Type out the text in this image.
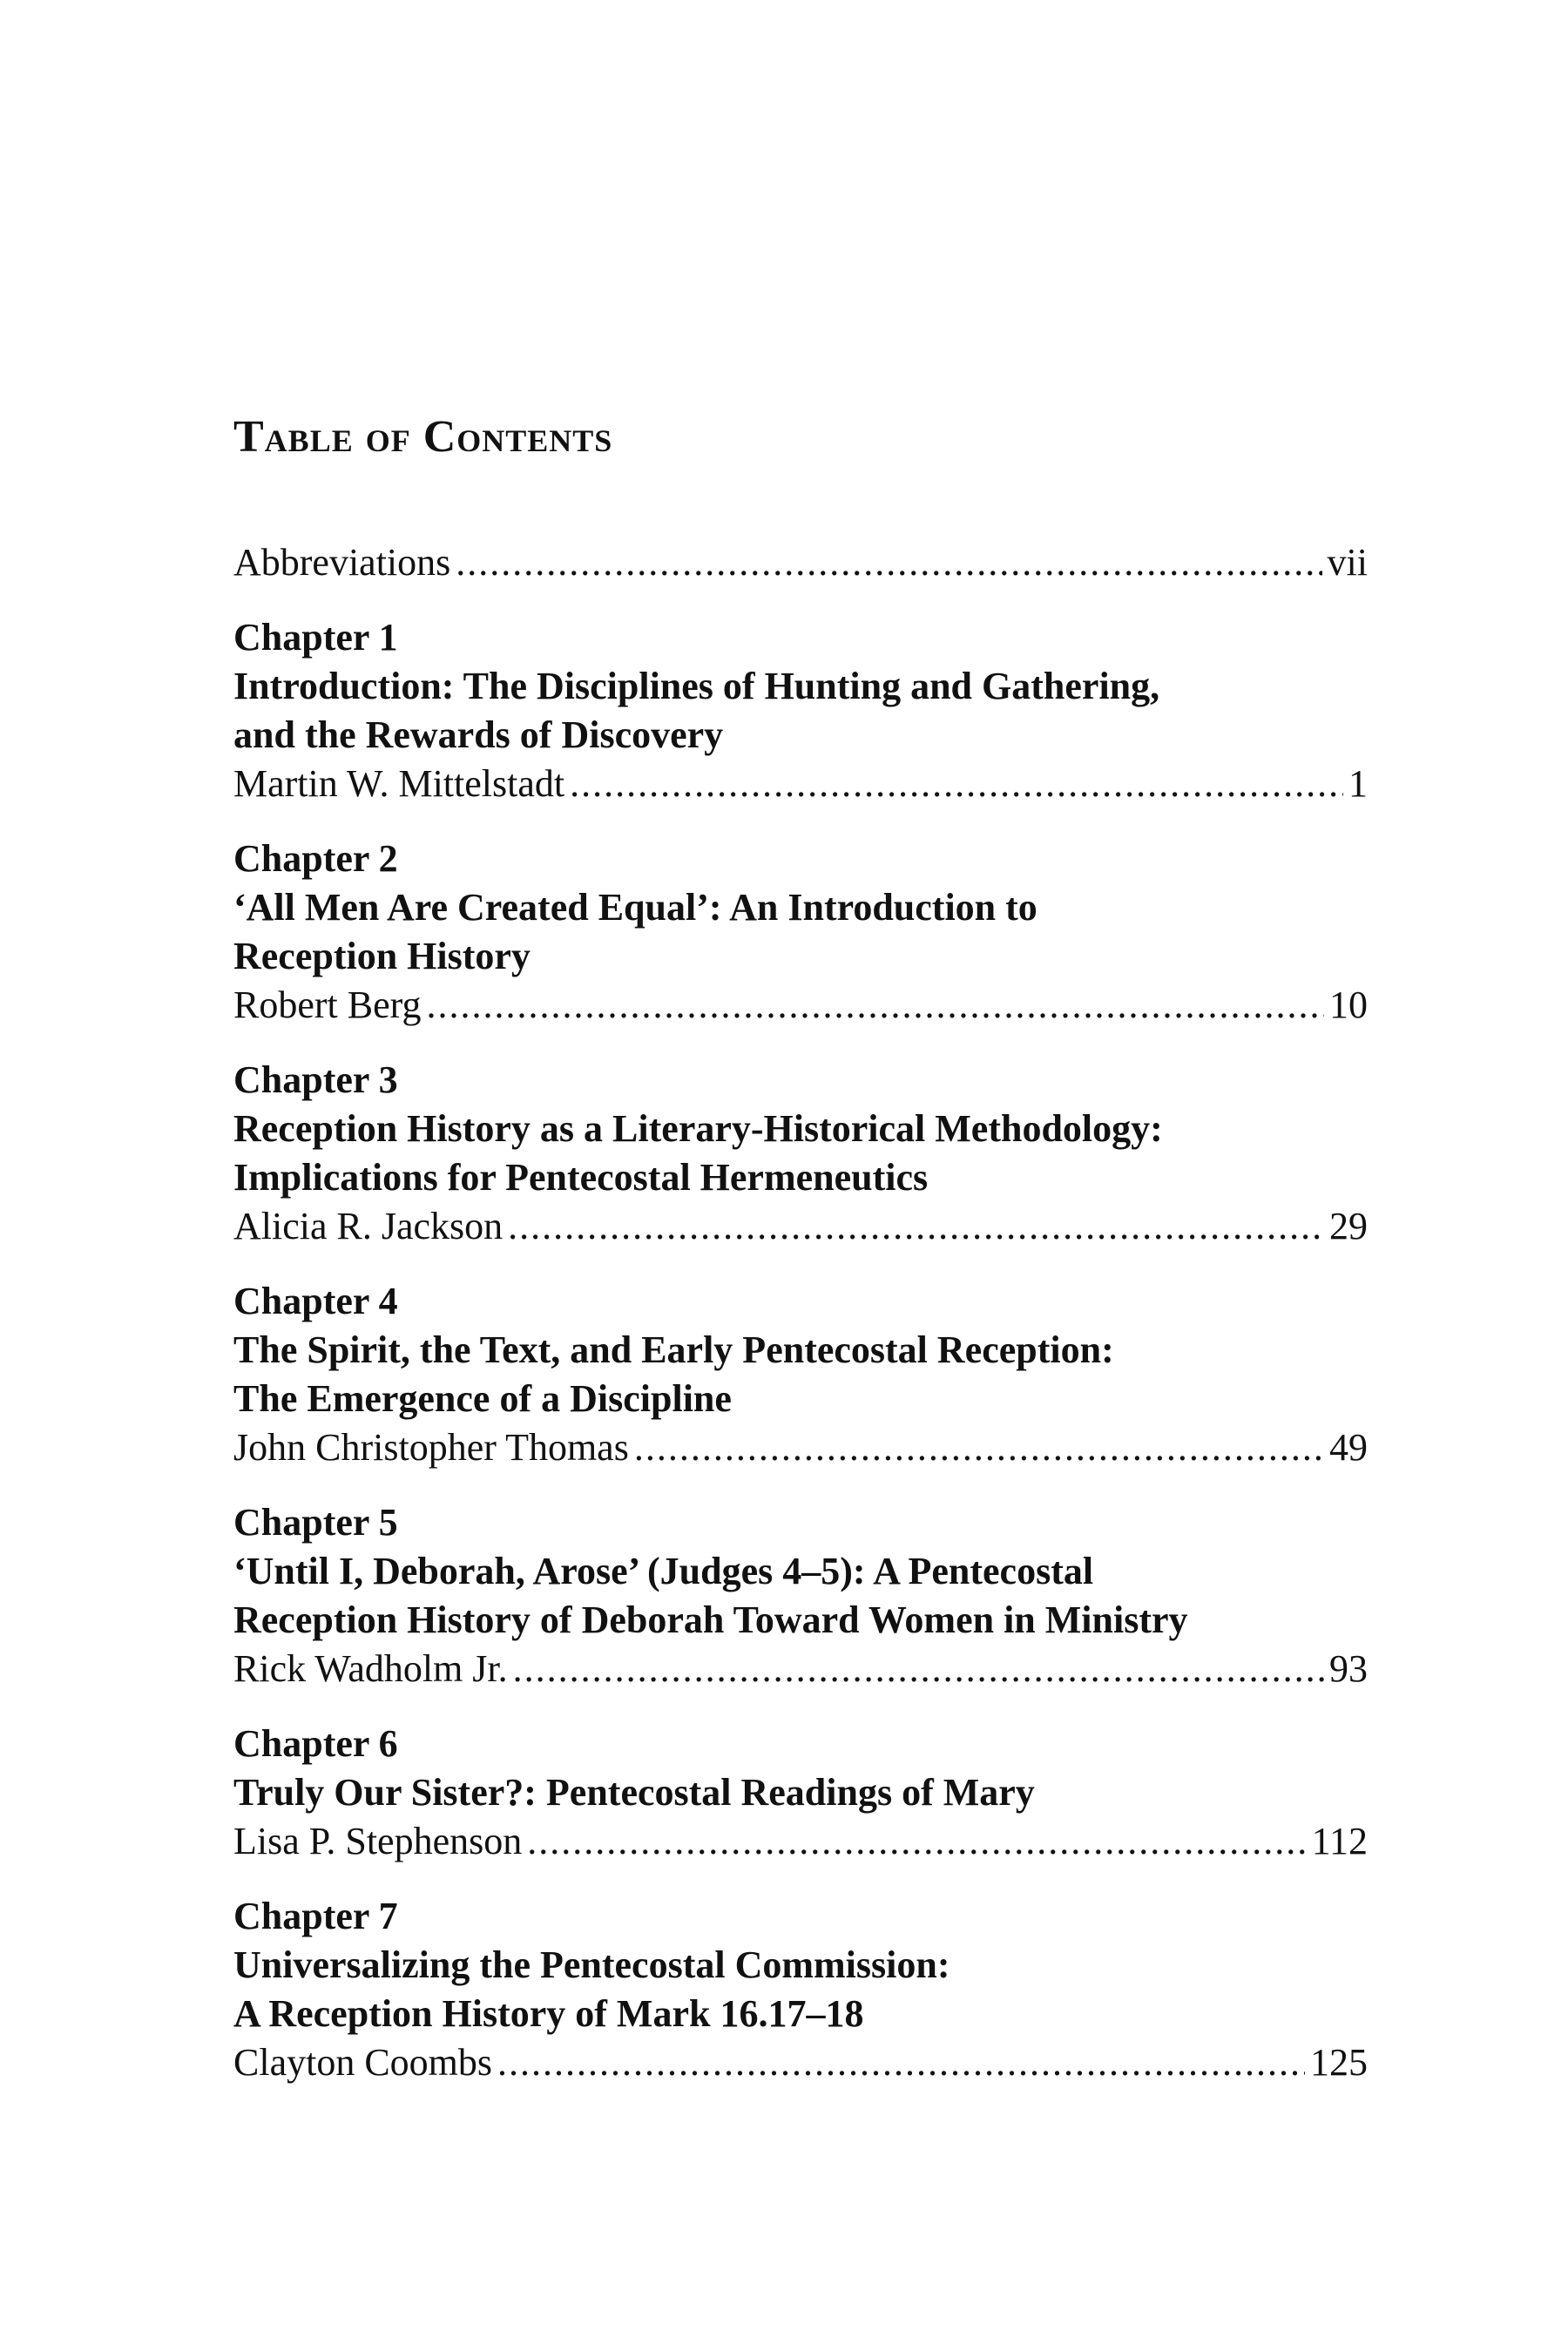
Table of Contents
Abbreviations .....	vii

Chapter 1

Introduction: The Disciplines of Hunting and Gathering,

and the Rewards of Discovery

Martin W. Mittelstadt .....	1

Chapter 2

‘All Men Are Created Equal’: An Introduction to

Reception History

Robert Berg .....	10

Chapter 3

Reception History as a Literary-Historical Methodology:

Implications for Pentecostal Hermeneutics

Alicia R. Jackson .....	29

Chapter 4

The Spirit, the Text, and Early Pentecostal Reception:

The Emergence of a Discipline

John Christopher Thomas .....	49

Chapter 5

‘Until I, Deborah, Arose’ (Judges 4–5): A Pentecostal

Reception History of Deborah Toward Women in Ministry

Rick Wadholm Jr. .....	93

Chapter 6

Truly Our Sister?: Pentecostal Readings of Mary

Lisa P. Stephenson .....	112

Chapter 7

Universalizing the Pentecostal Commission:

A Reception History of Mark 16.17–18

Clayton Coombs .....	125
